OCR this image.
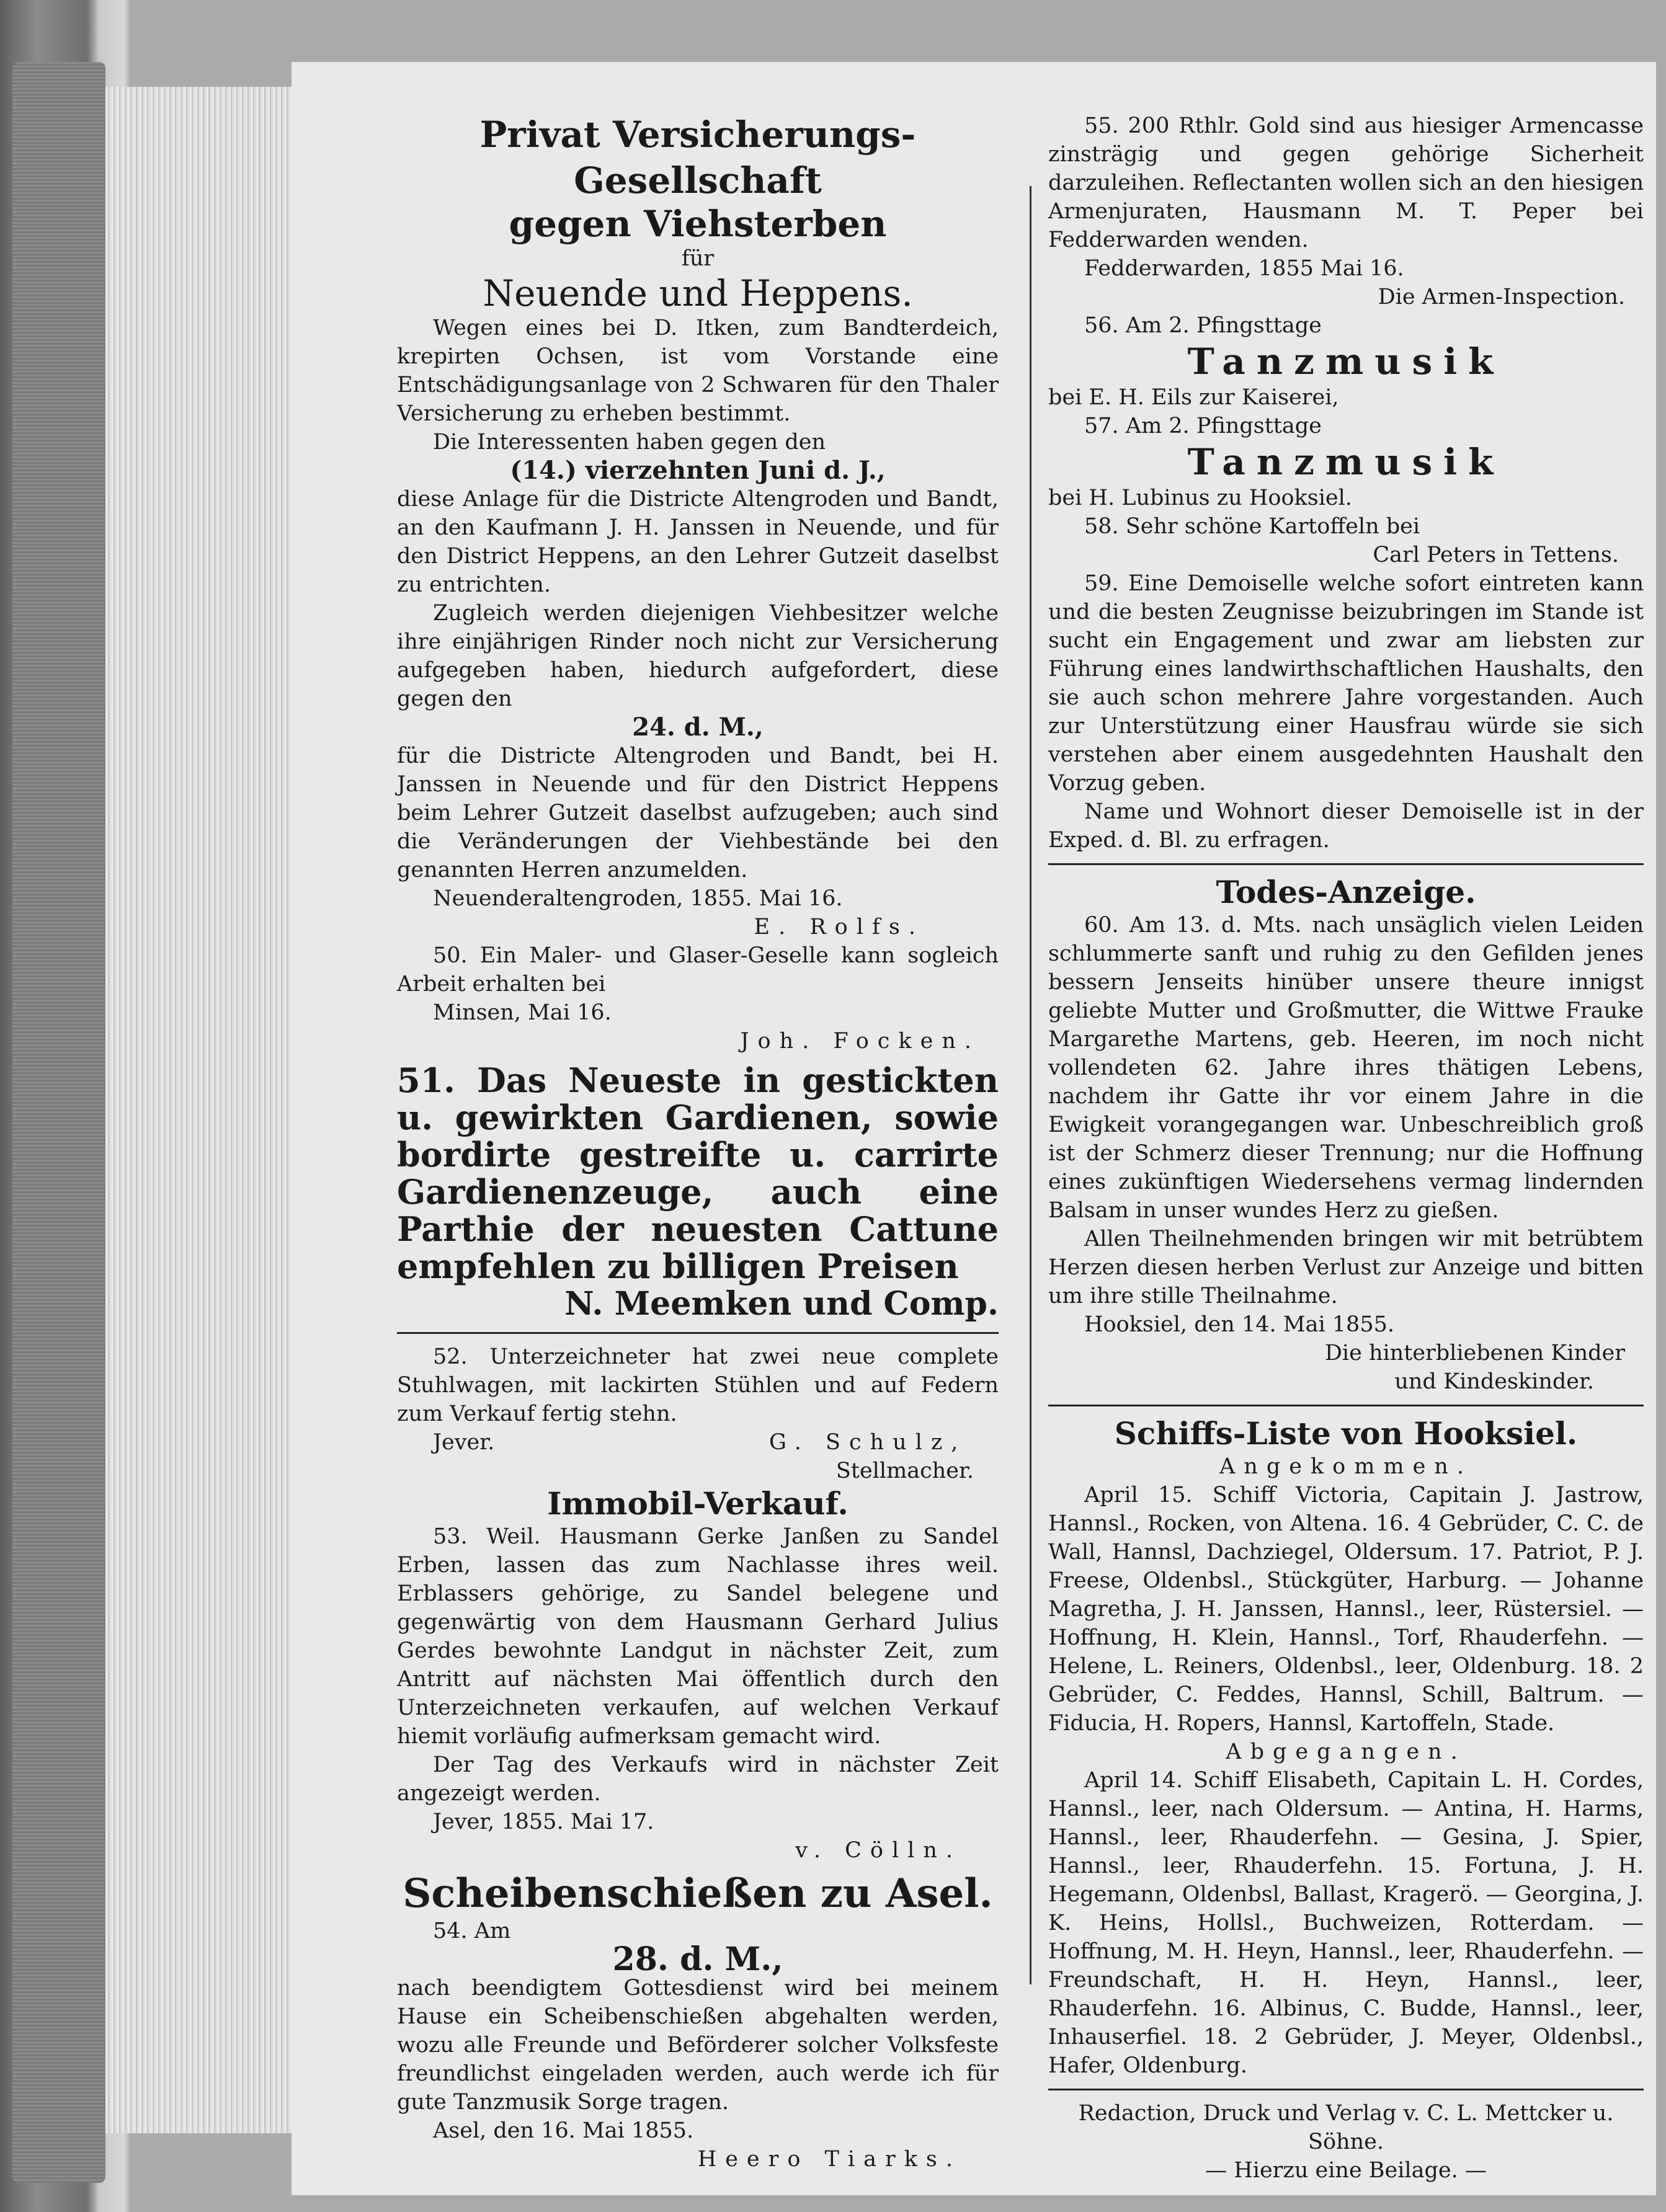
Privat Versicherungs-Gesellschaft

gegen Viehsterben

für

Neuende und Heppens.

Wegen eines bei D. Itken, zum Bandterdeich, krepirten Ochsen, ist vom Vorstande eine Entschädigungsanlage von 2 Schwaren für den Thaler Versicherung zu erheben bestimmt.

Die Interessenten haben gegen den

(14.) vierzehnten Juni d. J.,

diese Anlage für die Districte Altengroden und Bandt, an den Kaufmann J. H. Janssen in Neuende, und für den District Heppens, an den Lehrer Gutzeit daselbst zu entrichten.

Zugleich werden diejenigen Viehbesitzer welche ihre einjährigen Rinder noch nicht zur Versicherung aufgegeben haben, hiedurch aufgefordert, diese gegen den

24. d. M.,

für die Districte Altengroden und Bandt, bei H. Janssen in Neuende und für den District Heppens beim Lehrer Gutzeit daselbst aufzugeben; auch sind die Veränderungen der Viehbestände bei den genannten Herren anzumelden.

Neuenderaltengroden, 1855. Mai 16.

E. Rolfs.

50. Ein Maler- und Glaser-Geselle kann sogleich Arbeit erhalten bei

Minsen, Mai 16.

Joh. Focken.

51. Das Neueste in gestickten u. gewirkten Gardienen, sowie bordirte gestreifte u. carrirte Gardienenzeuge, auch eine Parthie der neuesten Cattune empfehlen zu billigen Preisen

N. Meemken und Comp.

52. Unterzeichneter hat zwei neue complete Stuhlwagen, mit lackirten Stühlen und auf Federn zum Verkauf fertig stehn.

Jever.	G. Schulz,

Stellmacher.

Immobil-Verkauf.

53. Weil. Hausmann Gerke Janßen zu Sandel Erben, lassen das zum Nachlasse ihres weil. Erblassers gehörige, zu Sandel belegene und gegenwärtig von dem Hausmann Gerhard Julius Gerdes bewohnte Landgut in nächster Zeit, zum Antritt auf nächsten Mai öffentlich durch den Unterzeichneten verkaufen, auf welchen Verkauf hiemit vorläufig aufmerksam gemacht wird.

Der Tag des Verkaufs wird in nächster Zeit angezeigt werden.

Jever, 1855. Mai 17.

v. Cölln.

Scheibenschießen zu Asel.

54. Am

28. d. M.,

nach beendigtem Gottesdienst wird bei meinem Hause ein Scheibenschießen abgehalten werden, wozu alle Freunde und Beförderer solcher Volksfeste freundlichst eingeladen werden, auch werde ich für gute Tanzmusik Sorge tragen.

Asel, den 16. Mai 1855.

Heero Tiarks.

55. 200 Rthlr. Gold sind aus hiesiger Armencasse zinsträgig und gegen gehörige Sicherheit darzuleihen. Reflectanten wollen sich an den hiesigen Armenjuraten, Hausmann M. T. Peper bei Fedderwarden wenden.

Fedderwarden, 1855 Mai 16.

Die Armen-Inspection.

56. Am 2. Pfingsttage

Tanzmusik

bei E. H. Eils zur Kaiserei,

57. Am 2. Pfingsttage

Tanzmusik

bei H. Lubinus zu Hooksiel.

58. Sehr schöne Kartoffeln bei

Carl Peters in Tettens.

59. Eine Demoiselle welche sofort eintreten kann und die besten Zeugnisse beizubringen im Stande ist sucht ein Engagement und zwar am liebsten zur Führung eines landwirthschaftlichen Haushalts, den sie auch schon mehrere Jahre vorgestanden. Auch zur Unterstützung einer Hausfrau würde sie sich verstehen aber einem ausgedehnten Haushalt den Vorzug geben.

Name und Wohnort dieser Demoiselle ist in der Exped. d. Bl. zu erfragen.

Todes-Anzeige.

60. Am 13. d. Mts. nach unsäglich vielen Leiden schlummerte sanft und ruhig zu den Gefilden jenes bessern Jenseits hinüber unsere theure innigst geliebte Mutter und Großmutter, die Wittwe Frauke Margarethe Martens, geb. Heeren, im noch nicht vollendeten 62. Jahre ihres thätigen Lebens, nachdem ihr Gatte ihr vor einem Jahre in die Ewigkeit vorangegangen war. Unbeschreiblich groß ist der Schmerz dieser Trennung; nur die Hoffnung eines zukünftigen Wiedersehens vermag lindernden Balsam in unser wundes Herz zu gießen.

Allen Theilnehmenden bringen wir mit betrübtem Herzen diesen herben Verlust zur Anzeige und bitten um ihre stille Theilnahme.

Hooksiel, den 14. Mai 1855.

Die hinterbliebenen Kinder

und Kindeskinder.

Schiffs-Liste von Hooksiel.

Angekommen.

April 15. Schiff Victoria, Capitain J. Jastrow, Hannsl., Rocken, von Altena. 16. 4 Gebrüder, C. C. de Wall, Hannsl, Dachziegel, Oldersum. 17. Patriot, P. J. Freese, Oldenbsl., Stückgüter, Harburg. — Johanne Magretha, J. H. Janssen, Hannsl., leer, Rüstersiel. — Hoffnung, H. Klein, Hannsl., Torf, Rhauderfehn. — Helene, L. Reiners, Oldenbsl., leer, Oldenburg. 18. 2 Gebrüder, C. Feddes, Hannsl, Schill, Baltrum. — Fiducia, H. Ropers, Hannsl, Kartoffeln, Stade.

Abgegangen.

April 14. Schiff Elisabeth, Capitain L. H. Cordes, Hannsl., leer, nach Oldersum. — Antina, H. Harms, Hannsl., leer, Rhauderfehn. — Gesina, J. Spier, Hannsl., leer, Rhauderfehn. 15. Fortuna, J. H. Hegemann, Oldenbsl, Ballast, Kragerö. — Georgina, J. K. Heins, Hollsl., Buchweizen, Rotterdam. — Hoffnung, M. H. Heyn, Hannsl., leer, Rhauderfehn. — Freundschaft, H. H. Heyn, Hannsl., leer, Rhauderfehn. 16. Albinus, C. Budde, Hannsl., leer, Inhauserfiel. 18. 2 Gebrüder, J. Meyer, Oldenbsl., Hafer, Oldenburg.

Redaction, Druck und Verlag v. C. L. Mettcker u. Söhne.

— Hierzu eine Beilage. —
